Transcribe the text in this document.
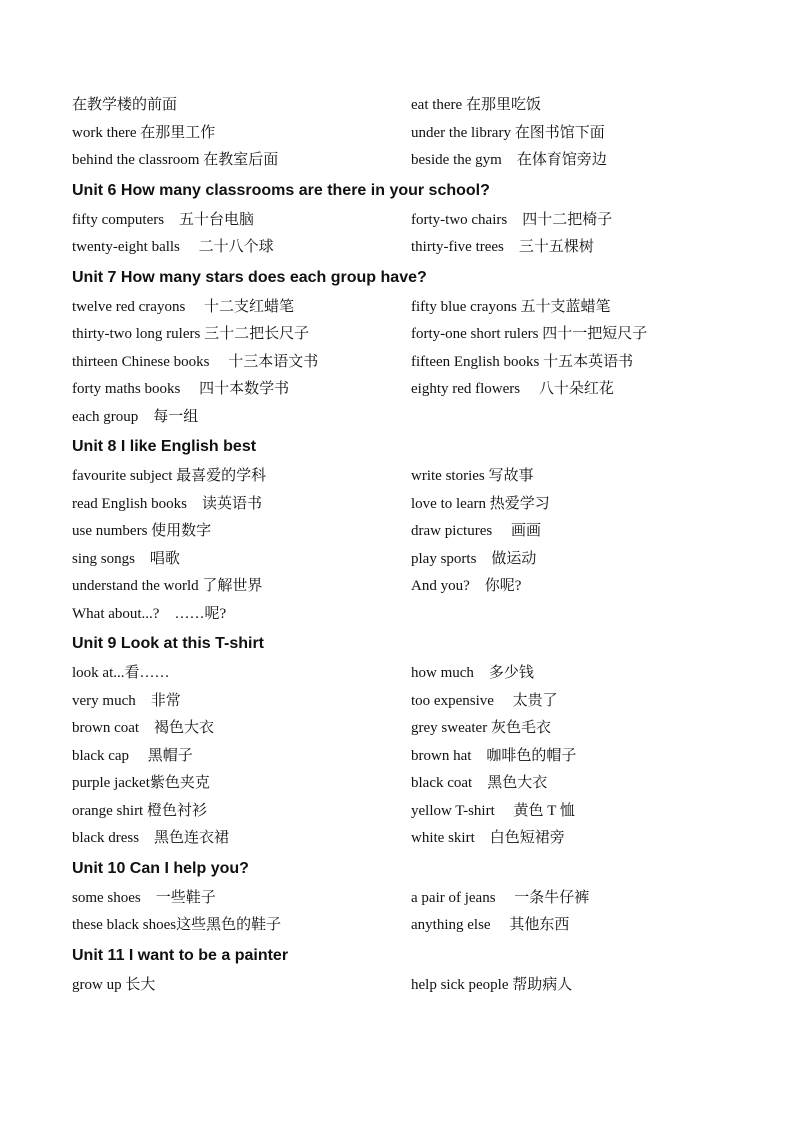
在教学楼的前面	eat there 在那里吃饭
work there 在那里工作	under the library 在图书馆下面
behind the classroom 在教室后面	beside the gym　在体育馆旁边
Unit 6 How many classrooms are there in your school?
fifty computers　五十台电脑	forty-two chairs　四十二把椅子
twenty-eight balls　 二十八个球	thirty-five trees　三十五棵树
Unit 7 How many stars does each group have?
twelve red crayons　 十二支红蜡笔	fifty blue crayons 五十支蓝蜡笔
thirty-two long rulers 三十二把长尺子	forty-one short rulers 四十一把短尺子
thirteen Chinese books　 十三本语文书	fifteen English books 十五本英语书
forty maths books　 四十本数学书	eighty red flowers　 八十朵红花
each group　每一组
Unit 8 I like English best
favourite subject 最喜爱的学科	write stories 写故事
read English books　读英语书	love to learn 热爱学习
use numbers 使用数字	draw pictures　 画画
sing songs　唱歌	play sports　做运动
understand the world 了解世界	And you?　你呢?
What about...?　……呢?
Unit 9 Look at this T-shirt
look at...看……	how much　多少钱
very much　非常	too expensive　 太贵了
brown coat　褐色大衣	grey sweater 灰色毛衣
black cap　 黑帽子	brown hat　咖啡色的帽子
purple jacket紫色夹克	black coat　黑色大衣
orange shirt 橙色衬衫	yellow T-shirt　 黄色 T 恤
black dress　黑色连衣裙	white skirt　白色短裙旁
Unit 10 Can I help you?
some shoes　一些鞋子	a pair of jeans　 一条牛仔裤
these black shoes这些黑色的鞋子	anything else　 其他东西
Unit 11 I want to be a painter
grow up 长大	help sick people 帮助病人
